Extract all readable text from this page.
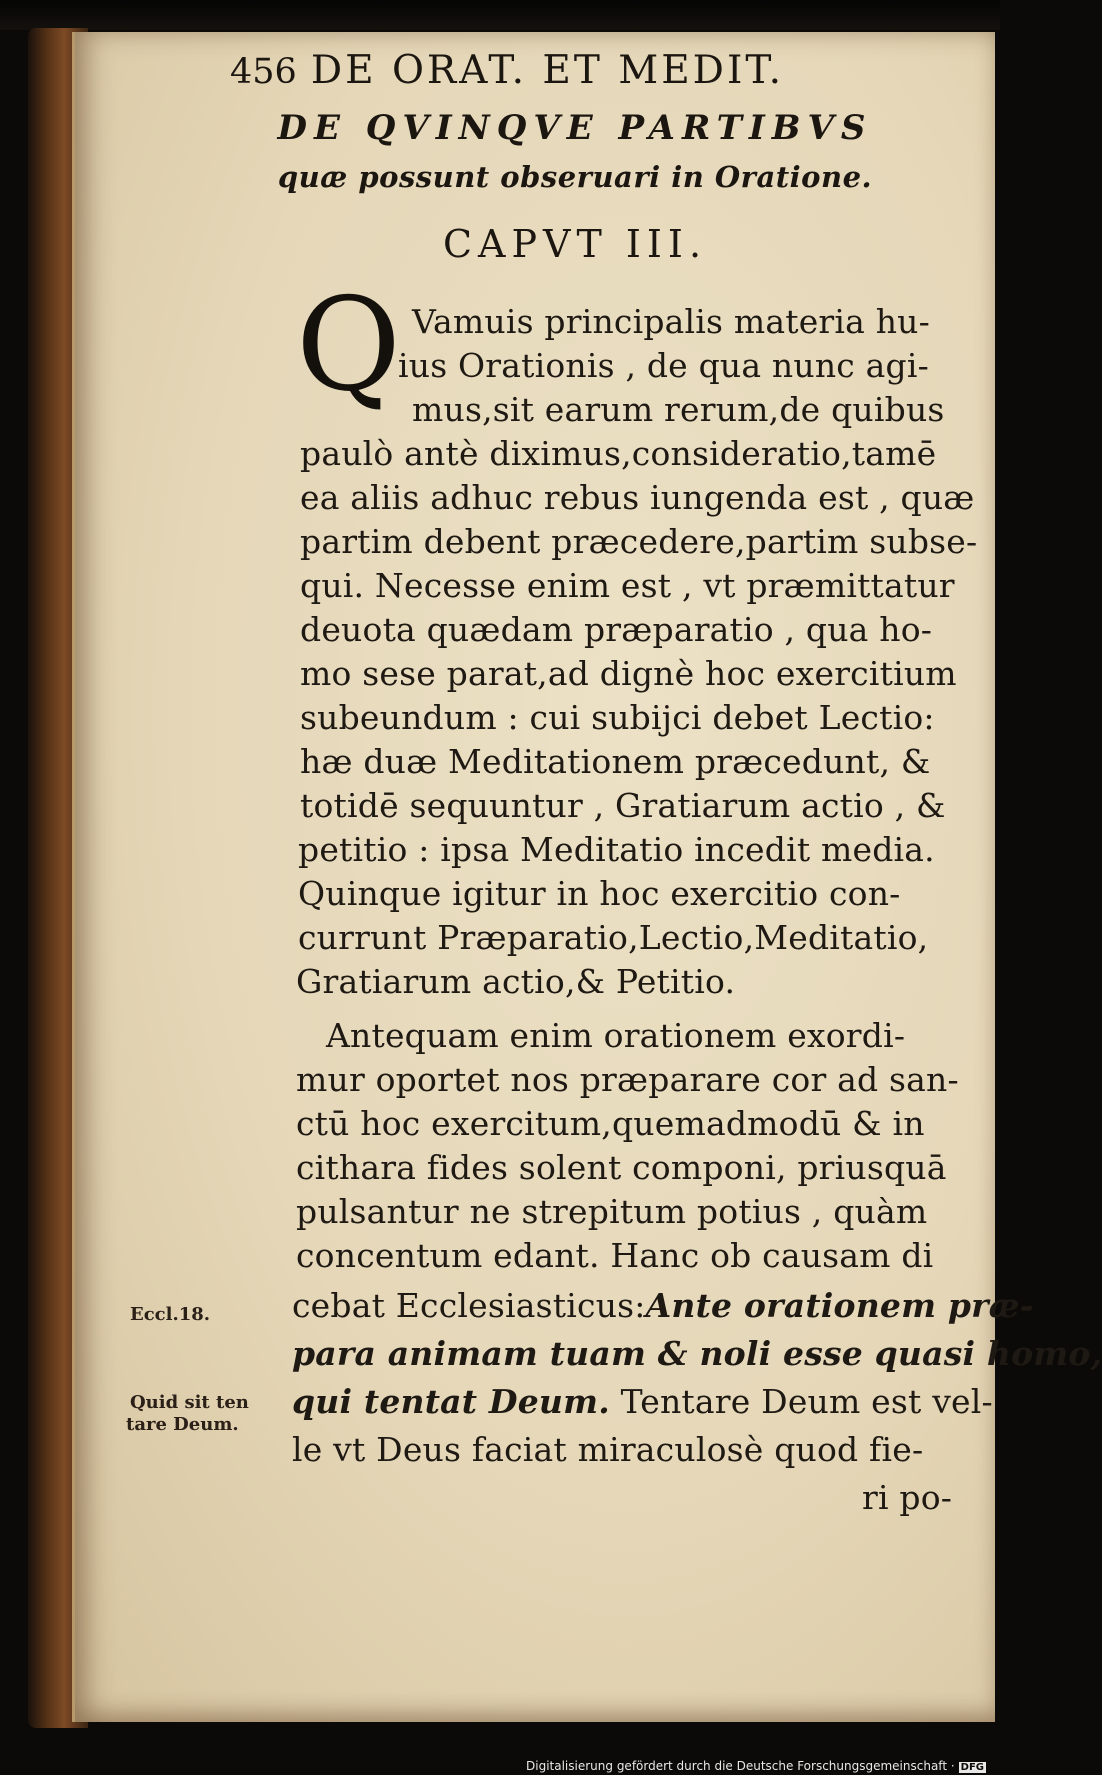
456 DE ORAT. ET MEDIT.
DE QVINQVE PARTIBVS
quæ possunt obseruari in Oratione.
CAPVT III.
Q Vamuis principalis materia hu-
ius Orationis , de qua nunc agi-
mus,sit earum rerum,de quibus
paulò antè diximus,consideratio,tamē
ea aliis adhuc rebus iungenda est , quæ
partim debent præcedere,partim subse-
qui. Necesse enim est , vt præmittatur
deuota quædam præparatio , qua ho-
mo sese parat,ad dignè hoc exercitium
subeundum : cui subijci debet Lectio:
hæ duæ Meditationem præcedunt, &
totidē sequuntur , Gratiarum actio , &
petitio : ipsa Meditatio incedit media.
Quinque igitur in hoc exercitio con-
currunt Præparatio,Lectio,Meditatio,
Gratiarum actio,& Petitio.
Antequam enim orationem exordi-
mur oportet nos præparare cor ad san-
ctū hoc exercitum,quemadmodū & in
cithara fides solent componi, priusquā
pulsantur ne strepitum potius , quàm
concentum edant. Hanc ob causam di
cebat Ecclesiasticus:Ante orationem præ-
para animam tuam & noli esse quasi homo,
qui tentat Deum. Tentare Deum est vel-
le vt Deus faciat miraculosè quod fie-
ri po-
Eccl.18.
Quid sit ten
tare Deum.
Digitalisierung gefördert durch die Deutsche Forschungsgemeinschaft · DFG
